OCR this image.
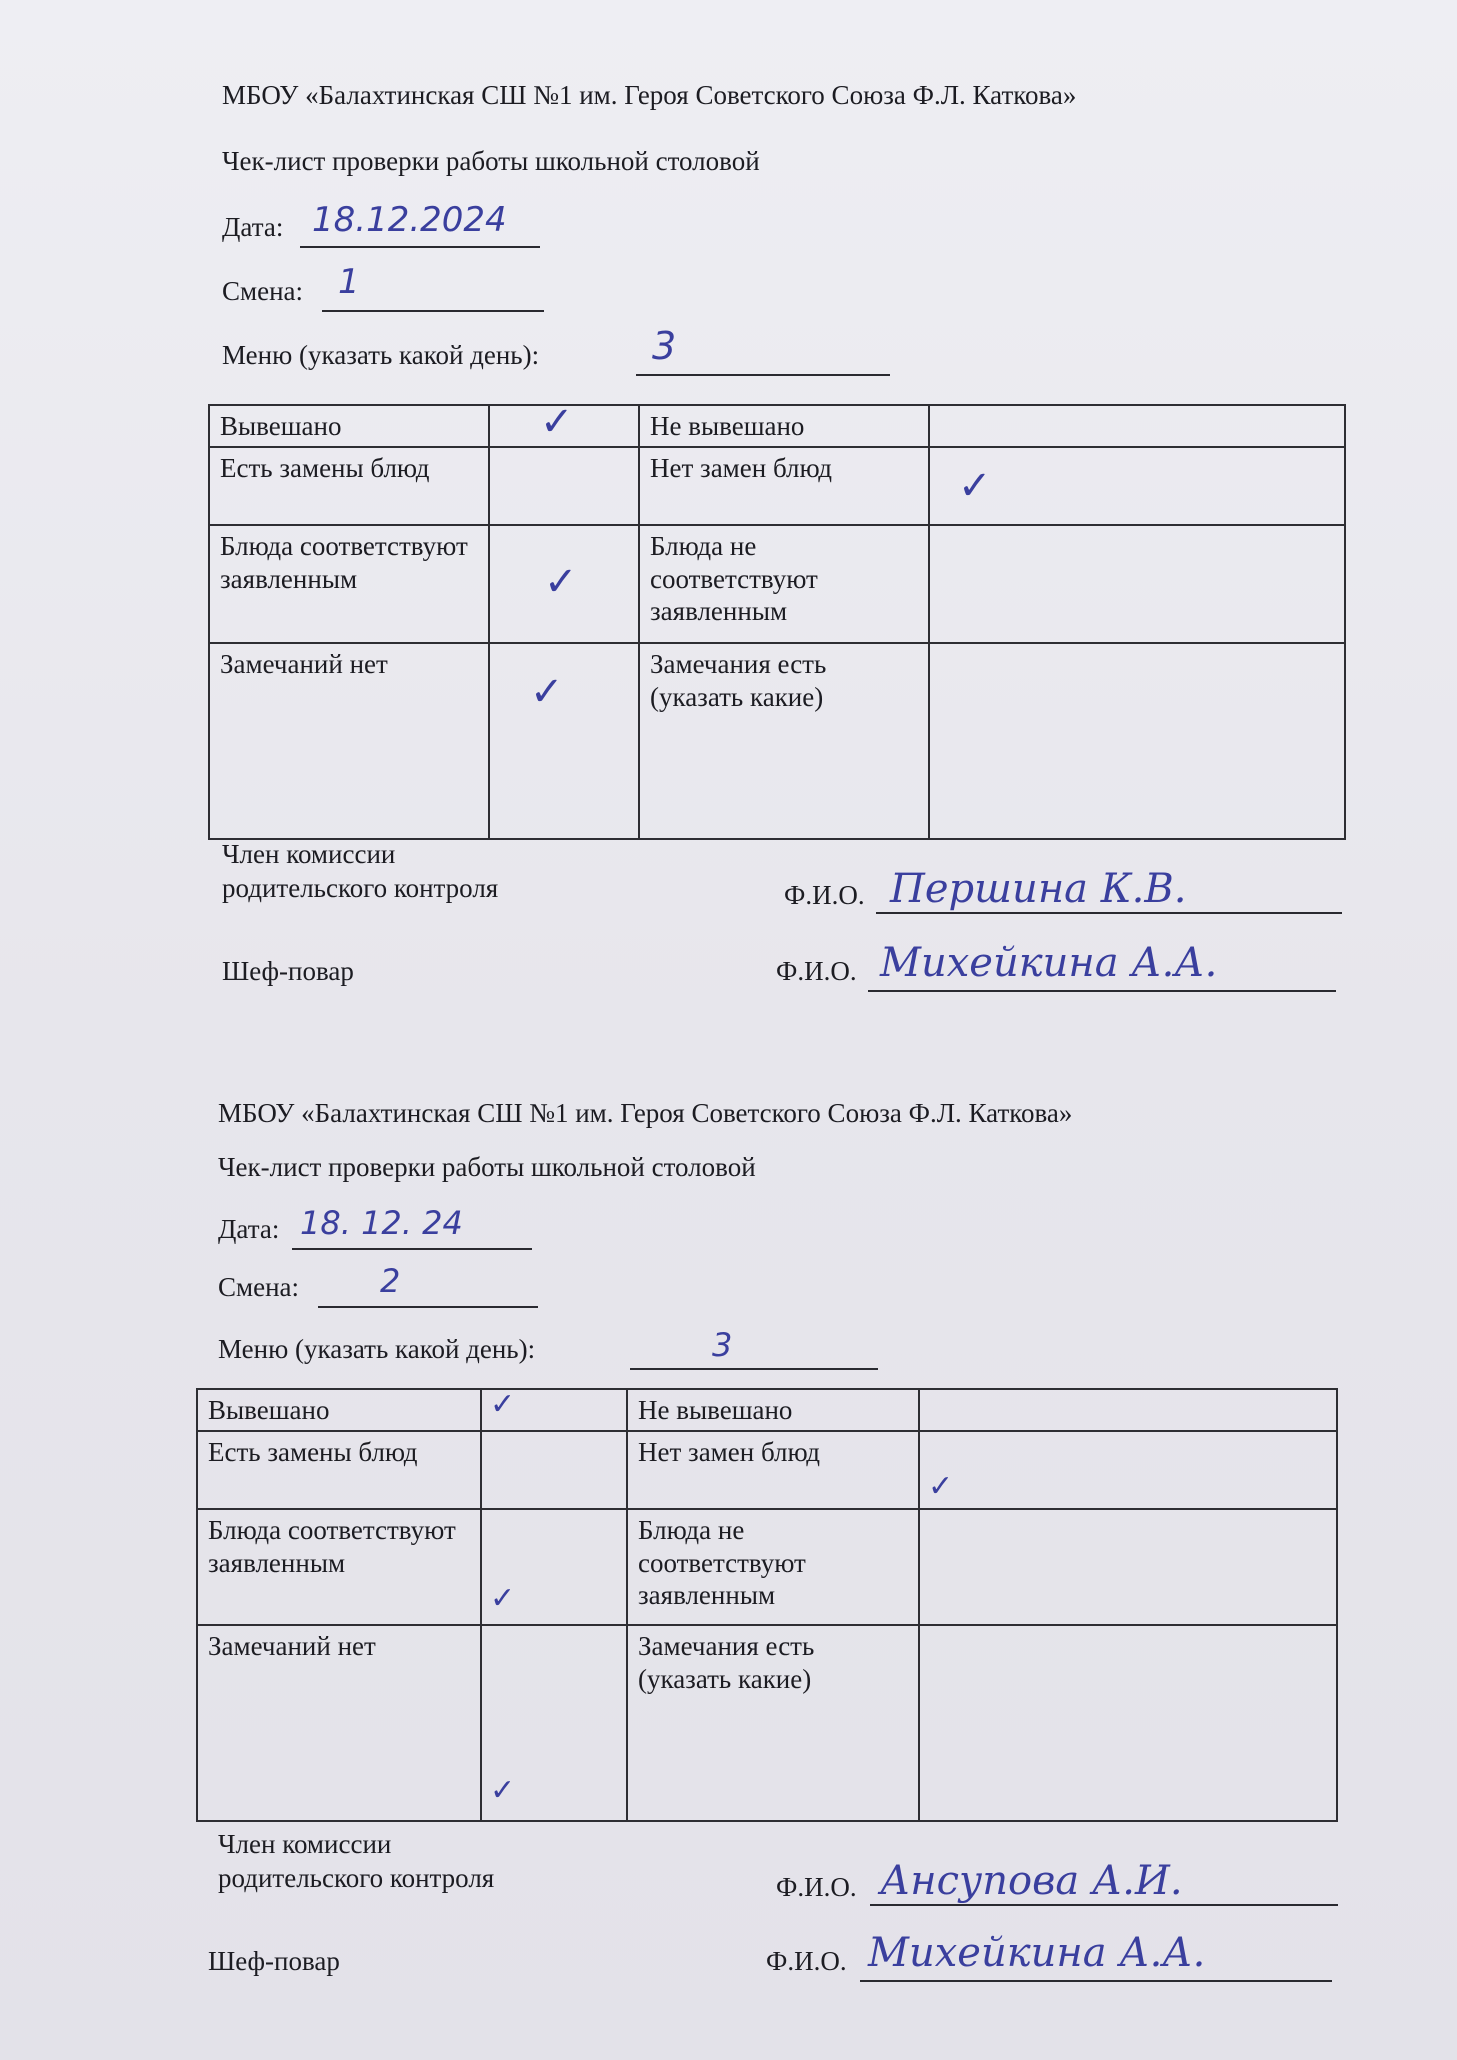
МБОУ «Балахтинская СШ №1 им. Героя Советского Союза Ф.Л. Каткова»
Чек-лист проверки работы школьной столовой
Дата: 18.12.2024
Смена: 1
Меню (указать какой день):	3
Вывешано	✓	Не вывешано	

Есть замены блюд		Нет замен блюд	✓

Блюда соответствуют заявленным	✓	Блюда не соответствуют заявленным	

Замечаний нет	✓	Замечания есть (указать какие)	
Член комиссии родительского контроля	Ф.И.О. Першина К.В.
Шеф-повар	Ф.И.О. Михейкина А.А.
МБОУ «Балахтинская СШ №1 им. Героя Советского Союза Ф.Л. Каткова»
Чек-лист проверки работы школьной столовой
Дата: 18. 12. 24
Смена:	2
Меню (указать какой день):	3
Вывешано	✓	Не вывешано	

Есть замены блюд		Нет замен блюд	✓

Блюда соответствуют заявленным	✓	Блюда не соответствуют заявленным	

Замечаний нет	✓	Замечания есть (указать какие)	
Член комиссии родительского контроля	Ф.И.О. Ансупова А.И.
Шеф-повар	Ф.И.О. Михейкина А.А.
